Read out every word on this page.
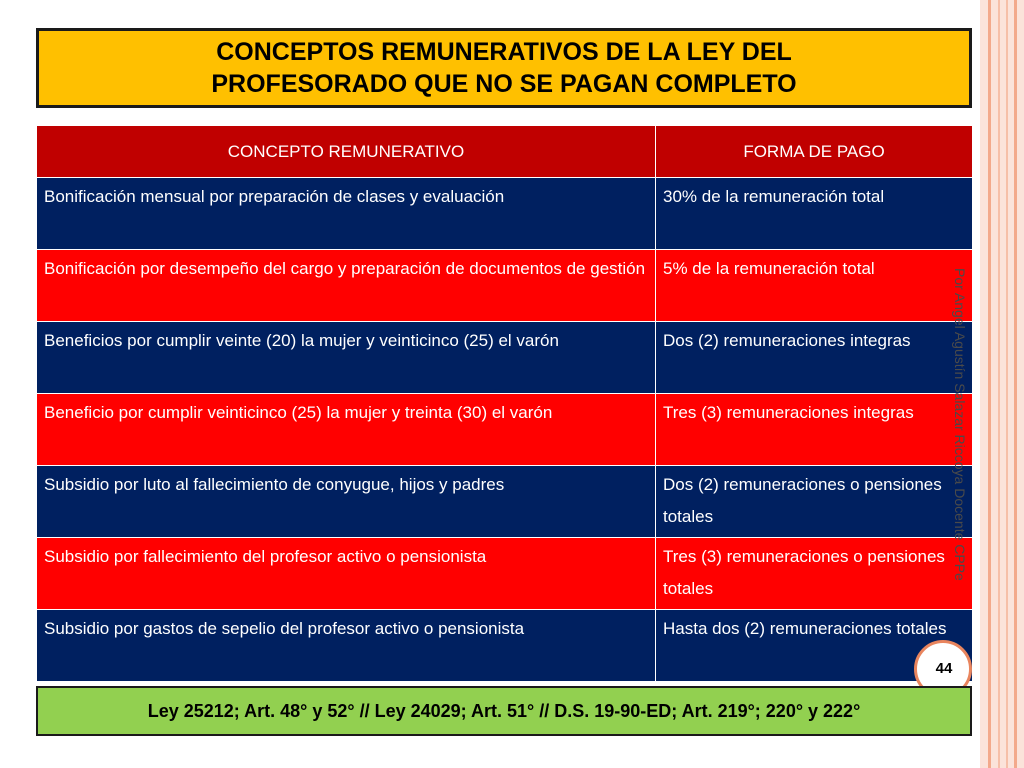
CONCEPTOS REMUNERATIVOS DE LA LEY DEL PROFESORADO QUE NO SE PAGAN COMPLETO
CONCEPTO REMUNERATIVO	FORMA DE PAGO
Bonificación mensual por preparación de clases y evaluación	30% de la remuneración total
Bonificación por desempeño del cargo y preparación de documentos de gestión	5% de la remuneración total
Beneficios por cumplir veinte (20) la mujer y veinticinco (25) el varón	Dos (2) remuneraciones integras
Beneficio por cumplir veinticinco (25) la mujer y treinta (30) el varón	Tres (3) remuneraciones integras
Subsidio por luto al fallecimiento de conyugue, hijos y padres	Dos (2) remuneraciones o pensiones totales
Subsidio por fallecimiento del profesor activo o pensionista	Tres (3) remuneraciones o pensiones totales
Subsidio por gastos de sepelio del profesor activo o pensionista	Hasta dos (2) remuneraciones totales
Por Angel Agustín Salazar Riccoya Docente CPPe
44
Ley 25212; Art. 48° y 52° // Ley 24029; Art. 51° // D.S. 19-90-ED; Art. 219°; 220° y 222°
